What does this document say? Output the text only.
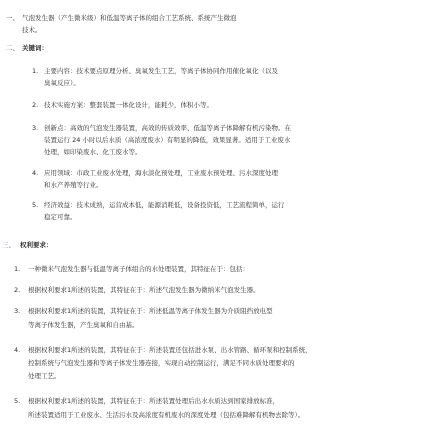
一、 气泡发生器（产生微米级）和低温等离子体的组合工艺系统、系统产生微泡
技术。
二、 关键词：
1. 主要内容：技术要点原理分析、臭氧发生工艺，等离子体协同作用催化氧化（以及
臭氧反应）。
2. 技术实施方案：整套装置一体化设计，能耗少，体积小等。
3. 创新点：高效的气泡发生器装置，高效的传质效率、低温等离子体降解有机污染物。在
装置运行 24 小时以后水质（高浓度废水）有明显的降低，效果显著。适用于工业废水
处理，如印染废水、化工废水等。
4. 应用领域：市政工业废水处理，海水淡化预处理，工业废水预处理、污水深度处理
和水产养殖等行业。
5. 经济效益：技术成熟，运营成本低，能源消耗低，设备投资低，工艺流程简单，运行
稳定可靠。
三、 权利要求：
1. 一种微米气泡发生器与低温等离子体组合的水处理装置，其特征在于：包括：
2. 根据权利要求1所述的装置，其特征在于：所述气泡发生器为微纳米气泡发生器。
3. 根据权利要求1所述的装置，其特征在于：所述低温等离子体发生器为介质阻挡放电型
等离子体发生器，产生臭氧和自由基。
4. 根据权利要求1所述的装置，其特征在于：所述装置还包括进水泵、出水管路、循环泵和控制系统，
控制系统与气泡发生器和等离子体发生器连接，实现自动控制运行，满足不同水质处理要求的
处理工艺。
5. 根据权利要求1所述的装置，其特征在于：所述装置处理后出水水质达到国家排放标准，
所述装置适用于工业废水、生活污水及高浓度有机废水的深度处理（包括难降解有机物去除等）。
